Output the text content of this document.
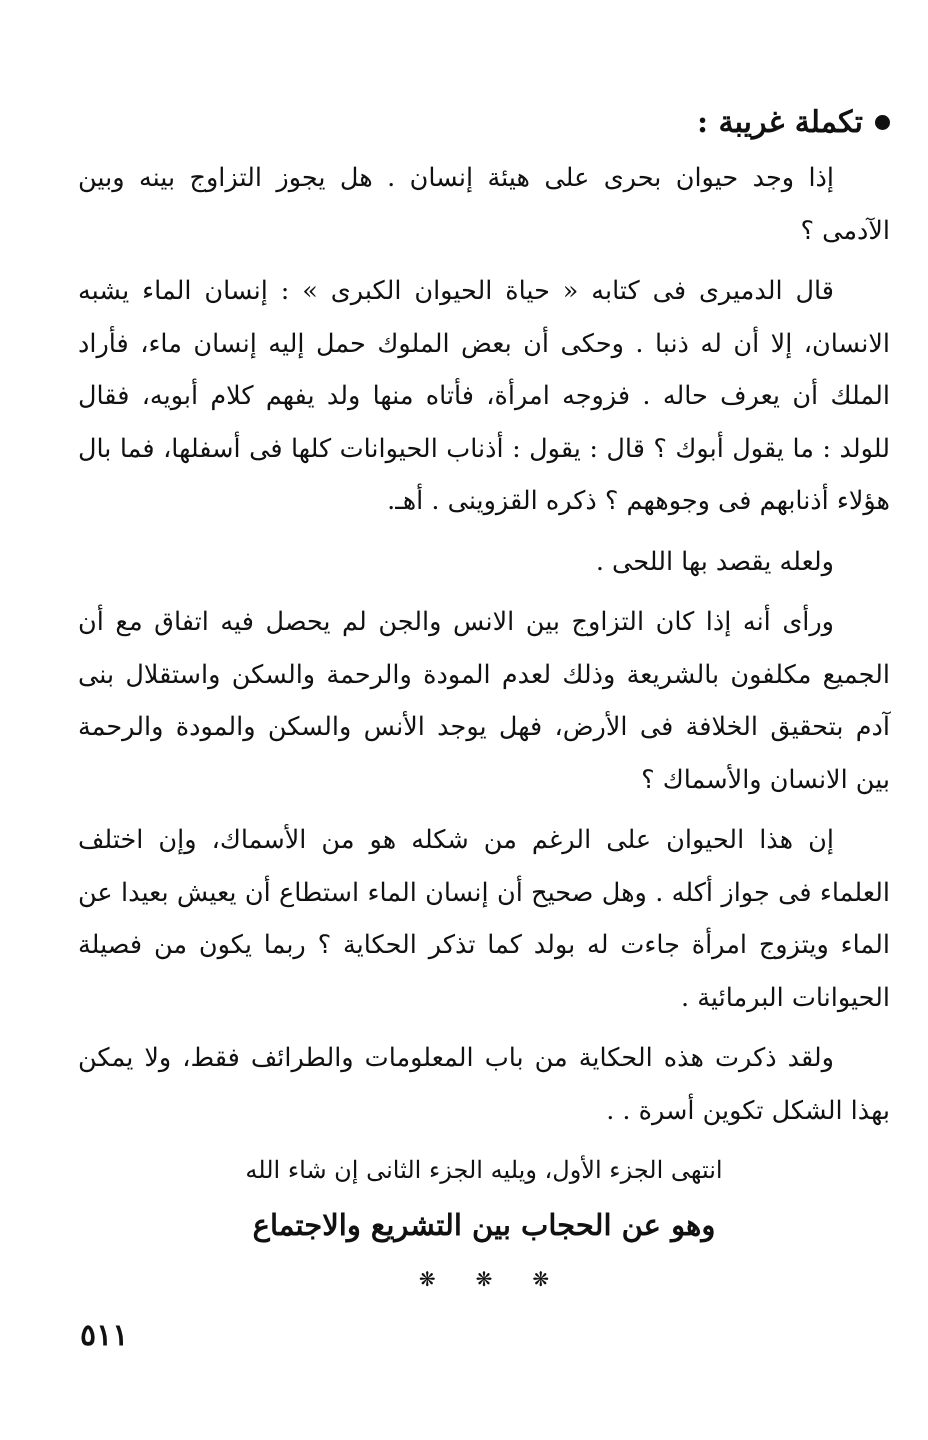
تكملة غريبة :

إذا وجد حيوان بحرى على هيئة إنسان . هل يجوز التزاوج بينه وبين الآدمى ؟

قال الدميرى فى كتابه « حياة الحيوان الكبرى » : إنسان الماء يشبه الانسان، إلا أن له ذنبا . وحكى أن بعض الملوك حمل إليه إنسان ماء، فأراد الملك أن يعرف حاله . فزوجه امرأة، فأتاه منها ولد يفهم كلام أبويه، فقال للولد : ما يقول أبوك ؟ قال : يقول : أذناب الحيوانات كلها فى أسفلها، فما بال هؤلاء أذنابهم فى وجوههم ؟ ذكره القزوينى . أهـ.

ولعله يقصد بها اللحى .

ورأى أنه إذا كان التزاوج بين الانس والجن لم يحصل فيه اتفاق مع أن الجميع مكلفون بالشريعة وذلك لعدم المودة والرحمة والسكن واستقلال بنى آدم بتحقيق الخلافة فى الأرض، فهل يوجد الأنس والسكن والمودة والرحمة بين الانسان والأسماك ؟

إن هذا الحيوان على الرغم من شكله هو من الأسماك، وإن اختلف العلماء فى جواز أكله . وهل صحيح أن إنسان الماء استطاع أن يعيش بعيدا عن الماء ويتزوج امرأة جاءت له بولد كما تذكر الحكاية ؟ ربما يكون من فصيلة الحيوانات البرمائية .

ولقد ذكرت هذه الحكاية من باب المعلومات والطرائف فقط، ولا يمكن بهذا الشكل تكوين أسرة . .

انتهى الجزء الأول، ويليه الجزء الثانى إن شاء الله

وهو عن الحجاب بين التشريع والاجتماع

❋
❋
❋
٥١١
